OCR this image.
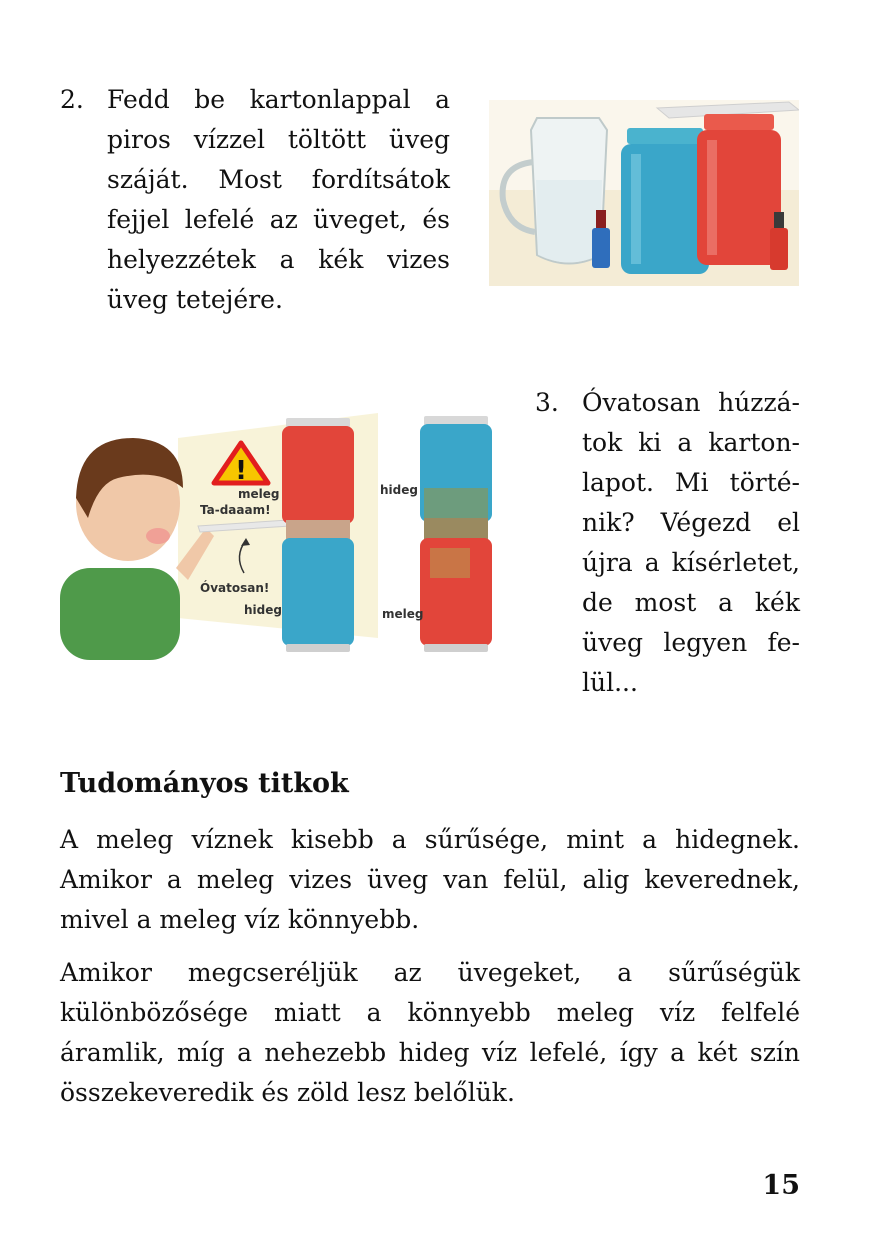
2. Fedd be kartonlappal a piros vízzel töltött üveg száját. Most fordítsátok fejjel lefelé az üveget, és helyezzétek a kék vizes üveg tetejére.
!
meleg
Ta-daaam!
Óvatosan!
hideg
hideg
meleg
3. Óvatosan húzzátok ki a kartonlapot. Mi történik? Végezd el újra a kísérletet, de most a kék üveg legyen felül...
Tudományos titkok

A meleg víznek kisebb a sűrűsége, mint a hidegnek. Amikor a meleg vizes üveg van felül, alig keverednek, mivel a meleg víz könnyebb.

Amikor megcseréljük az üvegeket, a sűrűségük különbözősége miatt a könnyebb meleg víz felfelé áramlik, míg a nehezebb hideg víz lefelé, így a két szín összekeveredik és zöld lesz belőlük.

15
